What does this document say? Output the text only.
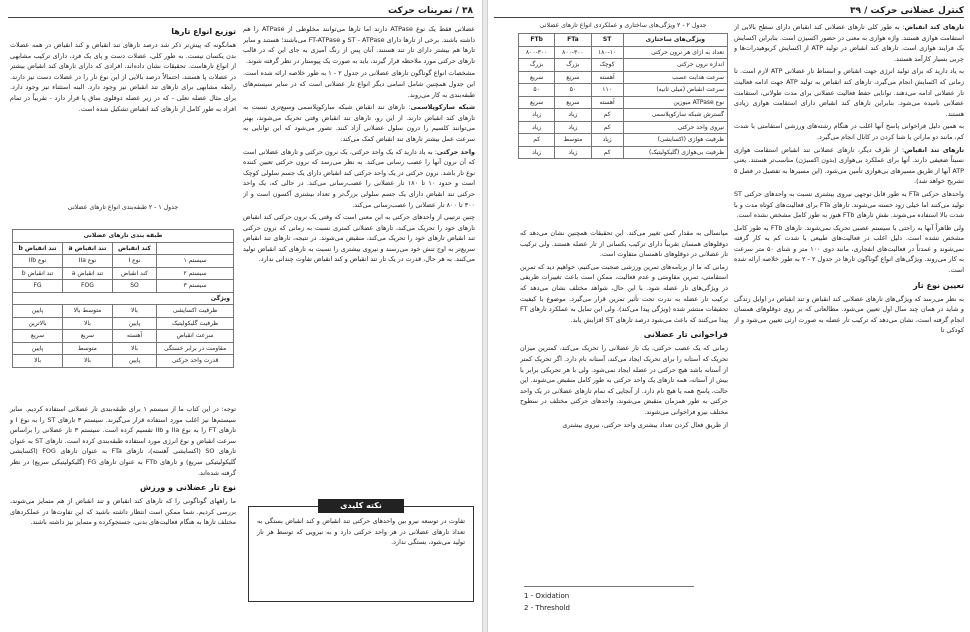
۳۸ / تمرینات حرکت

عضلانی فقط یک نوع ATPase دارند اما تارها می‌توانند مخلوطی از ATPase را هم داشته باشند. برخی از تارها دارای ST - ATPase و FT-ATPase می‌باشند؛ هستند و سایر تارها هم بیشتر دارای تار تند هستند. آنان پس از رنگ آمیزی به جای این که در قالب تارهای حرکتی مورد ملاحظه قرار گیرند، باید به صورت یک پیوستار در نظر گرفته شوند.

مشخصات انواع گوناگون تارهای عضلانی در جدول ۲ - ۱ به طور خلاصه ارائه شده است. این جدول همچنین شامل اسامی دیگر انواع تار عضلانی است که در سایر سیستم‌های طبقه‌بندی به کار می‌روند.

شبکه سارکوپلاسمی: تارهای تند انقباض شبکه سارکوپلاسمی وسیع‌تری نسبت به تارهای کند انقباض دارند. از این رو، تارهای تند انقباض وقتی تحریک می‌شوند، بهتر می‌توانند کلسیم را درون سلول عضلانی آزاد کنند. تصور می‌شود که این توانایی به سرعت عمل بیشتر تارهای تند انقباض کمک می‌کند.

واحد حرکتی: به یاد دارید که یک واحد حرکتی، یک نرون حرکتی و تارهای عضلانی است که آن نرون آنها را عصب رسانی می‌کند. به نظر می‌رسد که نرون حرکتی تعیین کننده نوع تار باشد. نرون حرکتی در یک واحد حرکتی کند انقباض دارای یک جسم سلولی کوچک است و حدود ۱۰ تا ۱۸۰ تار عضلانی را عصب‌رسانی می‌کند. در حالی که، یک واحد حرکتی تند انقباض دارای یک جسم سلولی بزرگ‌تر و تعداد بیشتری آکسون است و از ۳۰۰ تا ۸۰۰ تار عضلانی را عصب‌رسانی می‌کند.

چنین ترتیبی از واحدهای حرکتی به این معنی است که وقتی یک نرون حرکتی کند انقباض تارهای خود را تحریک می‌کند، تارهای عضلانی کمتری نسبت به زمانی که نرون حرکتی تند انقباض تارهای خود را تحریک می‌کند، منقبض می‌شوند. در نتیجه، تارهای تند انقباض سریع‌تر به اوج تنش خود می‌رسند و نیروی بیشتری را نسبت به تارهای کند انقباض تولید می‌کنند. به هر حال، قدرت در یک تار تند انقباض و کند انقباض تفاوت چندانی ندارد.

نکته کلیدی
تفاوت در توسعه نیرو بین واحدهای حرکتی تند انقباض و کند انقباض بستگی به تعداد تارهای عضلانی در هر واحد حرکتی دارد و به نیرویی که توسط هر تار تولید می‌شود، بستگی ندارد.
توزیع انواع تارها

همانگونه که پیش‌تر ذکر شد درصد تارهای تند انقباض و کند انقباض در همه عضلات بدن یکسان نیست. به طور کلی، عضلات دست و پای یک فرد، دارای ترکیب مشابهی از انواع تارهاست. تحقیقات نشان داده‌اند، افرادی که دارای تارهای کند انقباض بیشتر در عضلات پا هستند، احتمالاً درصد بالایی از این نوع تار را در عضلات دست نیز دارند. رابطه مشابهی برای تارهای تند انقباض نیز وجود دارد. البته استثناء نیز وجود دارد. برای مثال عضله نعلی - که در زیر عضله دوقلوی ساق پا قرار دارد - تقریباً در تمام افراد به طور کامل از تارهای کند انقباض تشکیل شده است.

جدول ۱ - ۲ طبقه‌بندی انواع تارهای عضلانی
طبقه بندی تارهای عضلانی			
	کند انقباض	تند انقباض a	تند انقباض b
سیستم ۱	نوع I	نوع IIa	نوع IIb
سیستم ۲	کند انقباض	تند انقباض a	تند انقباض b
سیستم ۳	SO	FOG	FG
ویژگی			
ظرفیت اکسایشی	بالا	متوسط بالا	پایین
ظرفیت گلیکولیتیک	پایین	بالا	بالاترین
سرعت انقباض	آهسته	سریع	سریع
مقاومت در برابر خستگی	بالا	متوسط	پایین
قدرت واحد حرکتی	پایین	بالا	بالا

توجه: در این کتاب ما از سیستم ۱ برای طبقه‌بندی تار عضلانی استفاده کردیم. سایر سیستم‌ها نیز اغلب مورد استفاده قرار می‌گیرند. سیستم ۳ تارهای ST را به نوع I و تارهای FT را به نوع IIa و IIb تقسیم کرده است. سیستم ۳ تار عضلانی را براساس سرعت انقباض و نوع انرژی مورد استفاده طبقه‌بندی کرده است. تارهای ST به عنوان تارهای SO (اکسایشی آهسته)، تارهای FTa به عنوان تارهای FOG (اکسایشی گلیکولیتیکی سریع) و تارهای FTb به عنوان تارهای FG (گلیکولیتیکی سریع) در نظر گرفته شده‌اند.

نوع تار عضلانی و ورزش

ما راههای گوناگونی را که تارهای کند انقباض و تند انقباض از هم متمایز می‌شوند، بررسی کردیم. شما ممکن است انتظار داشته باشید که این تفاوت‌ها در عملکردهای مختلف تارها به هنگام فعالیت‌های بدنی، جستجوکرده و متمایز نیز داشته باشند.

کنترل عضلانی حرکت / ۳۹

تارهای کند انقباض: به طور کلی تارهای عضلانی کند انقباض دارای سطح بالایی از استقامت هوازی هستند. واژه هوازی به معنی در حضور اکسیژن است. بنابراین اکسایش یک فرایند هوازی است. تارهای کند انقباض در تولید ATP از اکسایش کربوهیدرات‌ها و چربی بسیار کارآمد هستند.

به یاد دارید که برای تولید انرژی جهت انقباض و انبساط تار عضلانی ATP لازم است. تا زمانی که اکسایش انجام می‌گیرد، تارهای کند انقباض به تولید ATP جهت ادامه فعالیت تار عضلانی ادامه می‌دهند. توانایی حفظ فعالیت عضلانی برای مدت طولانی، استقامت عضلانی نامیده می‌شود. بنابراین تارهای کند انقباض دارای استقامت هوازی زیادی هستند.

به همین دلیل فراخوانی پاسخ آنها اغلب در هنگام رشته‌های ورزشی استقامتی با شدت کم، مانند دو ماراتن یا شنا کردن در کانال انجام می‌گیرد.

تارهای تند انقباض: از طرف دیگر، تارهای عضلانی تند انقباض استقامت هوازی نسبتاً ضعیفی دارند. آنها برای عملکرد بی‌هوازی (بدون اکسیژن) مناسب‌تر هستند. یعنی ATP آنها از طریق مسیرهای بی‌هوازی تأمین می‌شود. (این مسیرها به تفصیل در فصل ۵ تشریح خواهد شد).

واحدهای حرکتی FTa به طور قابل توجهی نیروی بیشتری نسبت به واحدهای حرکتی ST تولید می‌کنند اما خیلی زود خسته می‌شوند. تارهای FTa برای فعالیت‌های کوتاه مدت و با شدت بالا استفاده می‌شوند. نقش تارهای FTb هنوز به طور کامل مشخص نشده است.

ولی ظاهراً آنها به راحتی با سیستم عصبی تحریک نمی‌شوند. تارهای FTb به طور کامل مشخص نشده است. دلیل اغلب در فعالیت‌های طبیعی با شدت کم به کار گرفته نمی‌شوند و عمدتاً در فعالیت‌های انفجاری، مانند دوی ۱۰۰ متر و شنای ۵۰ متر سرعت به کار می‌روند. ویژگی‌های انواع گوناگون تارها در جدول ۲ - ۲ به طور خلاصه ارائه شده است.

تعیین نوع تار

به نظر می‌رسد که ویژگی‌های تارهای عضلانی کند انقباض و تند انقباض در اوایل زندگی و شاید در همان چند سال اول تعیین می‌شود. مطالعاتی که بر روی دوقلوهای همسان انجام گرفته است، نشان می‌دهد که ترکیب تار عضله به صورت ارثی تعیین می‌شود و از کودکی تا

جدول ۲ - ۲ ویژگی‌های ساختاری و عملکردی انواع تارهای عضلانی
ویژگی‌های ساختاری	ST	FTa	FTb
تعداد به ازای هر نرون حرکتی	۱۸۰-۱۰	۸۰۰-۳۰۰	۸۰۰-۳۰۰
اندازه نرون حرکتی	کوچک	بزرگ	بزرگ
سرعت هدایت عصب	آهسته	سریع	سریع
سرعت انقباض (میلی ثانیه)	۱۱۰	۵۰	۵۰
نوع ATPase میوزین	آهسته	سریع	سریع
گسترش شبکه سارکوپلاسمی	کم	زیاد	زیاد
نیروی واحد حرکتی	کم	زیاد	زیاد
ظرفیت هوازی (اکسایشی)	زیاد	متوسط	کم
ظرفیت بی‌هوازی (گلیکولیتیک)	کم	زیاد	زیاد

میانسالی به مقدار کمی تغییر می‌کند. این تحقیقات همچنین نشان می‌دهد که دوقلوهای همسان تقریباً دارای ترکیب یکسانی از تار عضله هستند. ولی ترکیب تار عضلانی در دوقلوهای ناهمسان متفاوت است.

زمانی که ما از برنامه‌های تمرین ورزشی صحبت می‌کنیم، خواهیم دید که تمرین استقامتی، تمرین مقاومتی و عدم فعالیت، ممکن است باعث تغییرات ظریفی در ویژگی‌های تار عضله شود. با این حال، شواهد مختلف نشان می‌دهد که ترکیب تار عضله به ندرت تحت تأثیر تمرین قرار می‌گیرد. موضوع با کیفیت تحقیقات منتشر شده (ویژگی پیدا می‌کند). ولی این تمایل به عملکرد تارهای FT پیدا می‌کنند که باعث می‌شود درصد تارهای ST افزایش یابد.

فراخوانی تار عضلانی

زمانی که یک عصب حرکتی، یک تار عضلانی را تحریک می‌کند، کمترین میزان تحریک که آستانه را برای تحریک ایجاد می‌کند، آستانه نام دارد. اگر تحریک کمتر از آستانه باشد هیچ حرکتی در عضله ایجاد نمی‌شود. ولی با هر تحریکی برابر یا بیش از آستانه، همه تارهای یک واحد حرکتی به طور کامل منقبض می‌شوند. این حالت، پاسخ همه یا هیچ نام دارد. از آنجایی که تمام تارهای عضلانی در یک واحد حرکتی به طور همزمان منقبض می‌شوند، واحدهای حرکتی مختلف در سطوح مختلف نیرو فراخوانی می‌شوند.

از طریق فعال کردن تعداد بیشتری واحد حرکتی، نیروی بیشتری

1 - Oxidation
2 - Threshold
